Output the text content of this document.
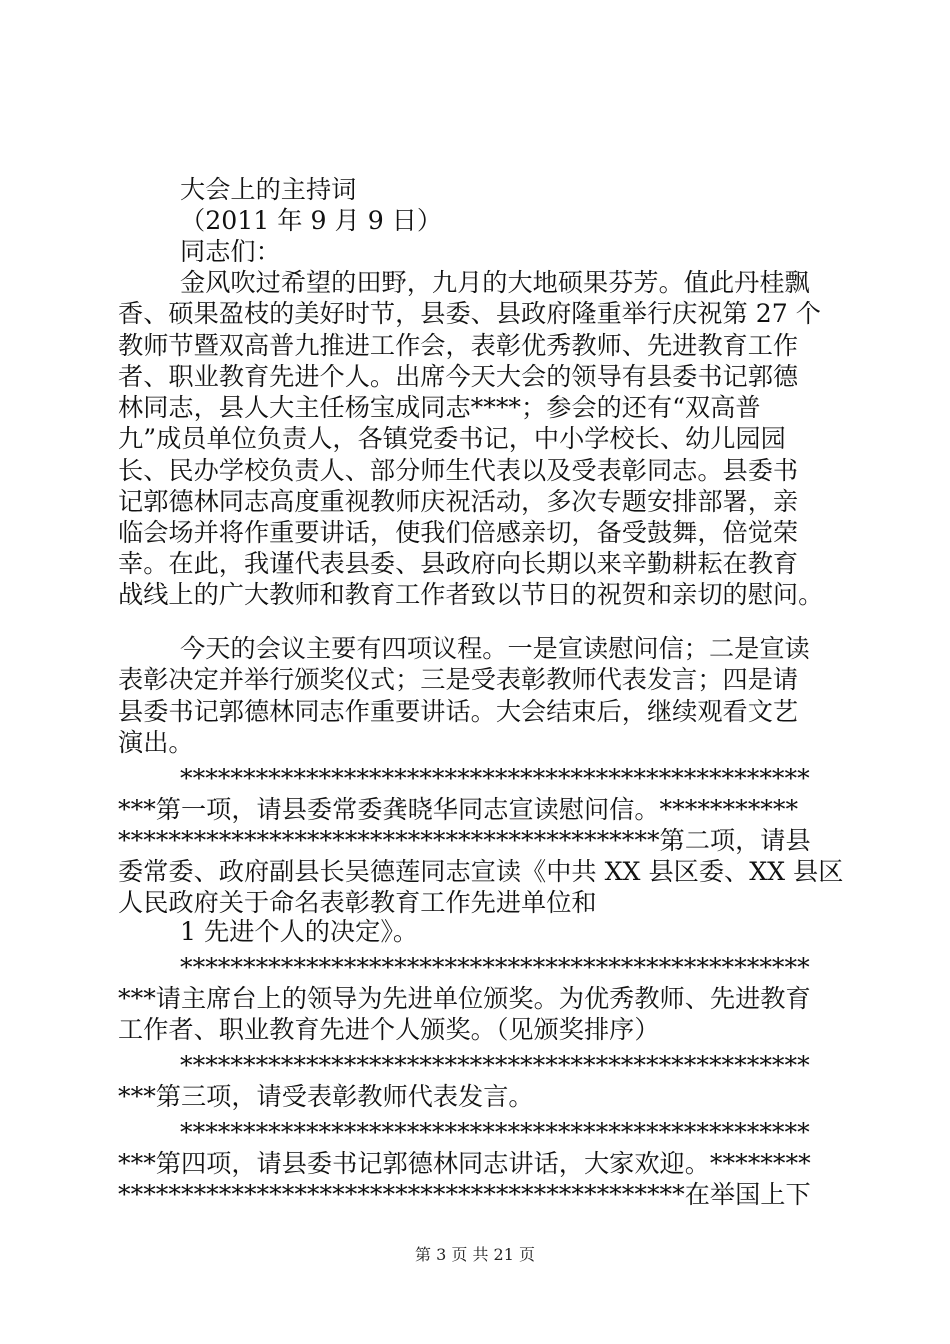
大会上的主持词
（2011 年 9 月 9 日）
同志们：
金风吹过希望的田野，九月的大地硕果芬芳。值此丹桂飘
香、硕果盈枝的美好时节，县委、县政府隆重举行庆祝第 27 个
教师节暨双高普九推进工作会，表彰优秀教师、先进教育工作
者、职业教育先进个人。出席今天大会的领导有县委书记郭德
林同志，县人大主任杨宝成同志****；参会的还有“双高普
九”成员单位负责人，各镇党委书记，中小学校长、幼儿园园
长、民办学校负责人、部分师生代表以及受表彰同志。县委书
记郭德林同志高度重视教师庆祝活动，多次专题安排部署，亲
临会场并将作重要讲话，使我们倍感亲切，备受鼓舞，倍觉荣
幸。在此，我谨代表县委、县政府向长期以来辛勤耕耘在教育
战线上的广大教师和教育工作者致以节日的祝贺和亲切的慰问。
今天的会议主要有四项议程。一是宣读慰问信；二是宣读
表彰决定并举行颁奖仪式；三是受表彰教师代表发言；四是请
县委书记郭德林同志作重要讲话。大会结束后，继续观看文艺
演出。
**************************************************
***第一项，请县委常委龚晓华同志宣读慰问信。***********
*******************************************第二项，请县
委常委、政府副县长吴德莲同志宣读《中共 XX 县区委、XX 县区
人民政府关于命名表彰教育工作先进单位和
1 先进个人的决定》。
**************************************************
***请主席台上的领导为先进单位颁奖。为优秀教师、先进教育
工作者、职业教育先进个人颁奖。（见颁奖排序）
**************************************************
***第三项，请受表彰教师代表发言。
**************************************************
***第四项，请县委书记郭德林同志讲话，大家欢迎。********
*********************************************在举国上下
第 3 页 共 21 页
